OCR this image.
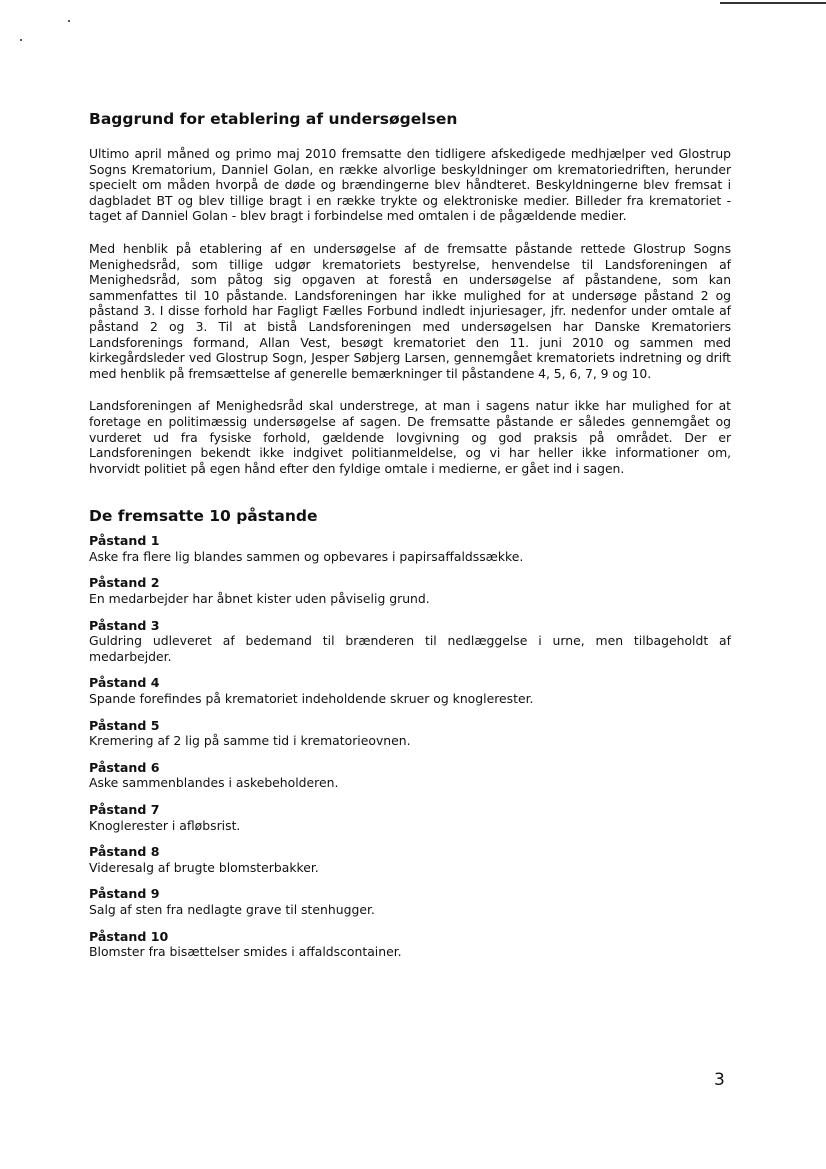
Baggrund for etablering af undersøgelsen

Ultimo april måned og primo maj 2010 fremsatte den tidligere afskedigede medhjælper ved Glostrup Sogns Krematorium, Danniel Golan, en række alvorlige beskyldninger om krematoriedriften, herunder specielt om måden hvorpå de døde og brændingerne blev håndteret. Beskyldningerne blev fremsat i dagbladet BT og blev tillige bragt i en række trykte og elektroniske medier. Billeder fra krematoriet - taget af Danniel Golan - blev bragt i forbindelse med omtalen i de pågældende medier.

Med henblik på etablering af en undersøgelse af de fremsatte påstande rettede Glostrup Sogns Menighedsråd, som tillige udgør krematoriets bestyrelse, henvendelse til Landsforeningen af Menighedsråd, som påtog sig opgaven at forestå en undersøgelse af påstandene, som kan sammenfattes til 10 påstande. Landsforeningen har ikke mulighed for at undersøge påstand 2 og påstand 3. I disse forhold har Fagligt Fælles Forbund indledt injuriesager, jfr. nedenfor under omtale af påstand 2 og 3. Til at bistå Landsforeningen med undersøgelsen har Danske Krematoriers Landsforenings formand, Allan Vest, besøgt krematoriet den 11. juni 2010 og sammen med kirkegårdsleder ved Glostrup Sogn, Jesper Søbjerg Larsen, gennemgået krematoriets indretning og drift med henblik på fremsættelse af generelle bemærkninger til påstandene 4, 5, 6, 7, 9 og 10.

Landsforeningen af Menighedsråd skal understrege, at man i sagens natur ikke har mulighed for at foretage en politimæssig undersøgelse af sagen. De fremsatte påstande er således gennemgået og vurderet ud fra fysiske forhold, gældende lovgivning og god praksis på området. Der er Landsforeningen bekendt ikke indgivet politianmeldelse, og vi har heller ikke informationer om, hvorvidt politiet på egen hånd efter den fyldige omtale i medierne, er gået ind i sagen.

De fremsatte 10 påstande
Påstand 1
Aske fra flere lig blandes sammen og opbevares i papirsaffaldssække.
Påstand 2
En medarbejder har åbnet kister uden påviselig grund.
Påstand 3
Guldring udleveret af bedemand til brænderen til nedlæggelse i urne, men tilbageholdt af medarbejder.
Påstand 4
Spande forefindes på krematoriet indeholdende skruer og knoglerester.
Påstand 5
Kremering af 2 lig på samme tid i krematorieovnen.
Påstand 6
Aske sammenblandes i askebeholderen.
Påstand 7
Knoglerester i afløbsrist.
Påstand 8
Videresalg af brugte blomsterbakker.
Påstand 9
Salg af sten fra nedlagte grave til stenhugger.
Påstand 10
Blomster fra bisættelser smides i affaldscontainer.
3
